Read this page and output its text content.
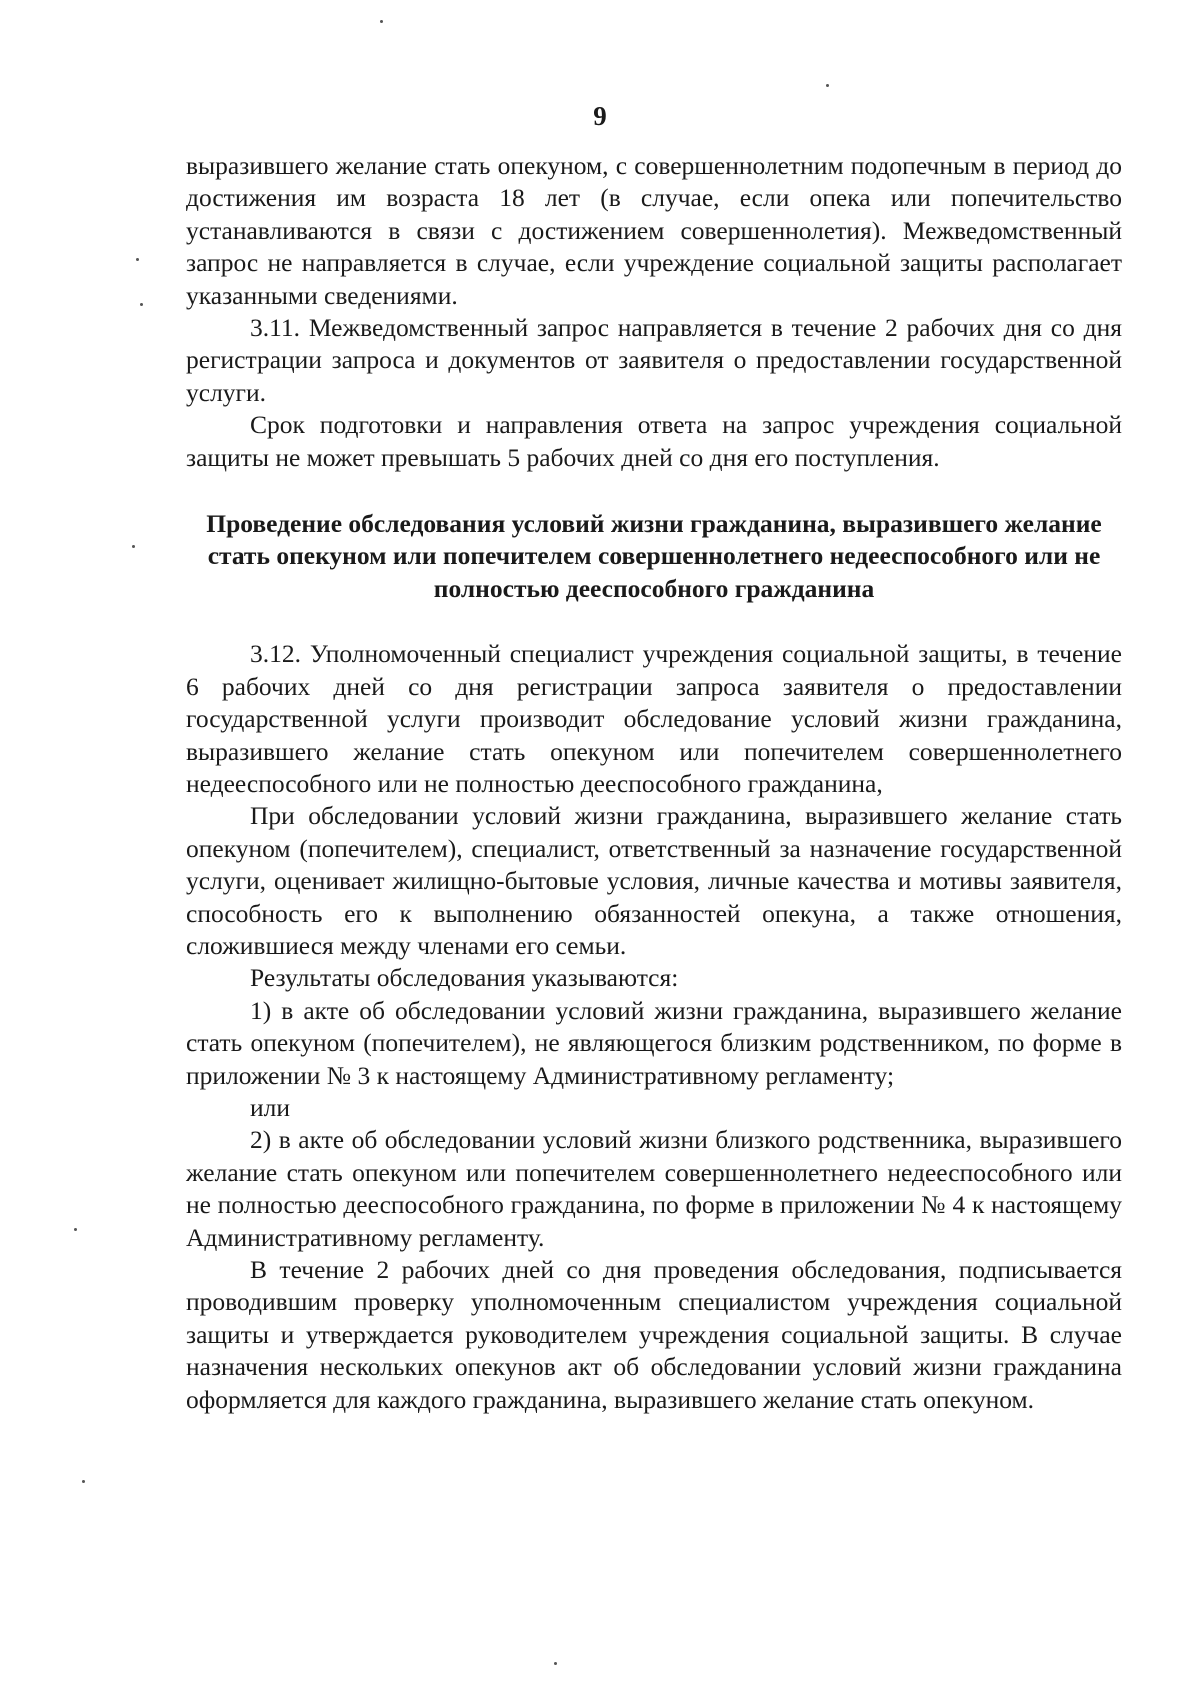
9

выразившего желание стать опекуном, с совершеннолетним подопечным в период до достижения им возраста 18 лет (в случае, если опека или попечительство устанавливаются в связи с достижением совершеннолетия). Межведомственный запрос не направляется в случае, если учреждение социальной защиты располагает указанными сведениями.

3.11. Межведомственный запрос направляется в течение 2 рабочих дня со дня регистрации запроса и документов от заявителя о предоставлении государственной услуги.

Срок подготовки и направления ответа на запрос учреждения социальной защиты не может превышать 5 рабочих дней со дня его поступления.

Проведение обследования условий жизни гражданина, выразившего желание стать опекуном или попечителем совершеннолетнего недееспособного или не полностью дееспособного гражданина

3.12. Уполномоченный специалист учреждения социальной защиты, в течение 6 рабочих дней со дня регистрации запроса заявителя о предоставлении государственной услуги производит обследование условий жизни гражданина, выразившего желание стать опекуном или попечителем совершеннолетнего недееспособного или не полностью дееспособного гражданина,

При обследовании условий жизни гражданина, выразившего желание стать опекуном (попечителем), специалист, ответственный за назначение государственной услуги, оценивает жилищно-бытовые условия, личные качества и мотивы заявителя, способность его к выполнению обязанностей опекуна, а также отношения, сложившиеся между членами его семьи.

Результаты обследования указываются:

1) в акте об обследовании условий жизни гражданина, выразившего желание стать опекуном (попечителем), не являющегося близким родственником, по форме в приложении № 3 к настоящему Административному регламенту;

или

2) в акте об обследовании условий жизни близкого родственника, выразившего желание стать опекуном или попечителем совершеннолетнего недееспособного или не полностью дееспособного гражданина, по форме в приложении № 4 к настоящему Административному регламенту.

В течение 2 рабочих дней со дня проведения обследования, подписывается проводившим проверку уполномоченным специалистом учреждения социальной защиты и утверждается руководителем учреждения социальной защиты. В случае назначения нескольких опекунов акт об обследовании условий жизни гражданина оформляется для каждого гражданина, выразившего желание стать опекуном.
